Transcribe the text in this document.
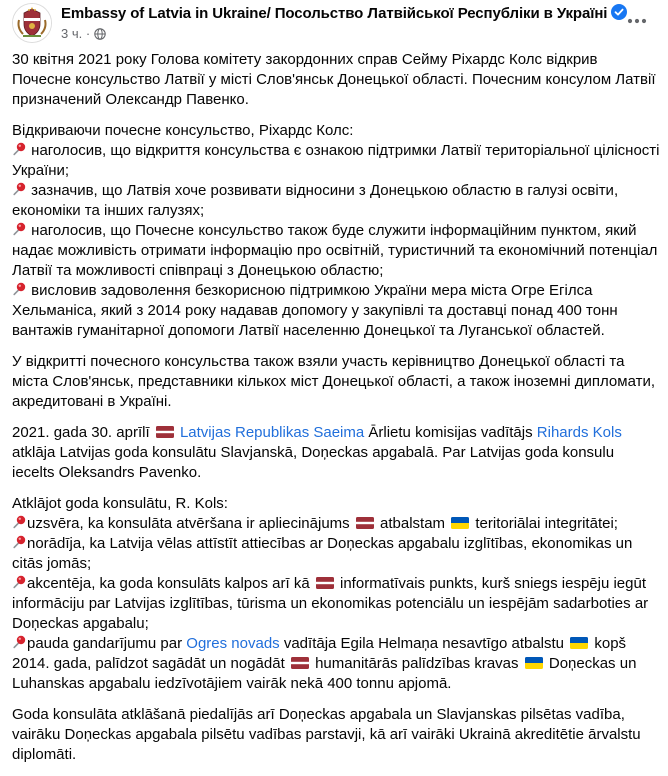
Embassy of Latvia in Ukraine/ Посольство Латвійської Республіки в Україні
3 ч. ·

30 квітня 2021 року Голова комітету закордонних справ Сейму Ріхардс Колс відкрив Почесне консульство Латвії у місті Слов'янськ Донецької області. Почесним консулом Латвії призначений Олександр Павенко.

Відкриваючи почесне консульство, Ріхардс Колс:
наголосив, що відкриття консульства є ознакою підтримки Латвії територіальної цілісності України;
зазначив, що Латвія хоче розвивати відносини з Донецькою областю в галузі освіти, економіки та інших галузях;
наголосив, що Почесне консульство також буде служити інформаційним пунктом, який надає можливість отримати інформацію про освітній, туристичний та економічний потенціал Латвії та можливості співпраці з Донецькою областю;
висловив задоволення безкорисною підтримкою України мера міста Огре Егілса Хельманіса, який з 2014 року надавав допомогу у закупівлі та доставці понад 400 тонн вантажів гуманітарної допомоги Латвії населенню Донецької та Луганської областей.

У відкритті почесного консульства також взяли участь керівництво Донецької області та міста Слов'янськ, представники кількох міст Донецької області, а також іноземні дипломати, акредитовані в Україні.

2021. gada 30. aprīlī  Latvijas Republikas Saeima Ārlietu komisijas vadītājs Rihards Kols atklāja Latvijas goda konsulātu Slavjanskā, Doņeckas apgabalā. Par Latvijas goda konsulu iecelts Oleksandrs Pavenko.

Atklājot goda konsulātu, R. Kols:
uzsvēra, ka konsulāta atvēršana ir apliecinājums  atbalstam  teritoriālai integritātei;
norādīja, ka Latvija vēlas attīstīt attiecības ar Doņeckas apgabalu izglītības, ekonomikas un citās jomās;
akcentēja, ka goda konsulāts kalpos arī kā  informatīvais punkts, kurš sniegs iespēju iegūt informāciju par Latvijas izglītības, tūrisma un ekonomikas potenciālu un iespējām sadarboties ar Doņeckas apgabalu;
pauda gandarījumu par Ogres novads vadītāja Egila Helmaņa nesavtīgo atbalstu  kopš 2014. gada, palīdzot sagādāt un nogādāt  humanitārās palīdzības kravas  Doņeckas un Luhanskas apgabalu iedzīvotājiem vairāk nekā 400 tonnu apjomā.

Goda konsulāta atklāšanā piedalījās arī Doņeckas apgabala un Slavjanskas pilsētas vadība, vairāku Doņeckas apgabala pilsētu vadības parstavji, kā arī vairāki Ukrainā akreditētie ārvalstu diplomāti.
